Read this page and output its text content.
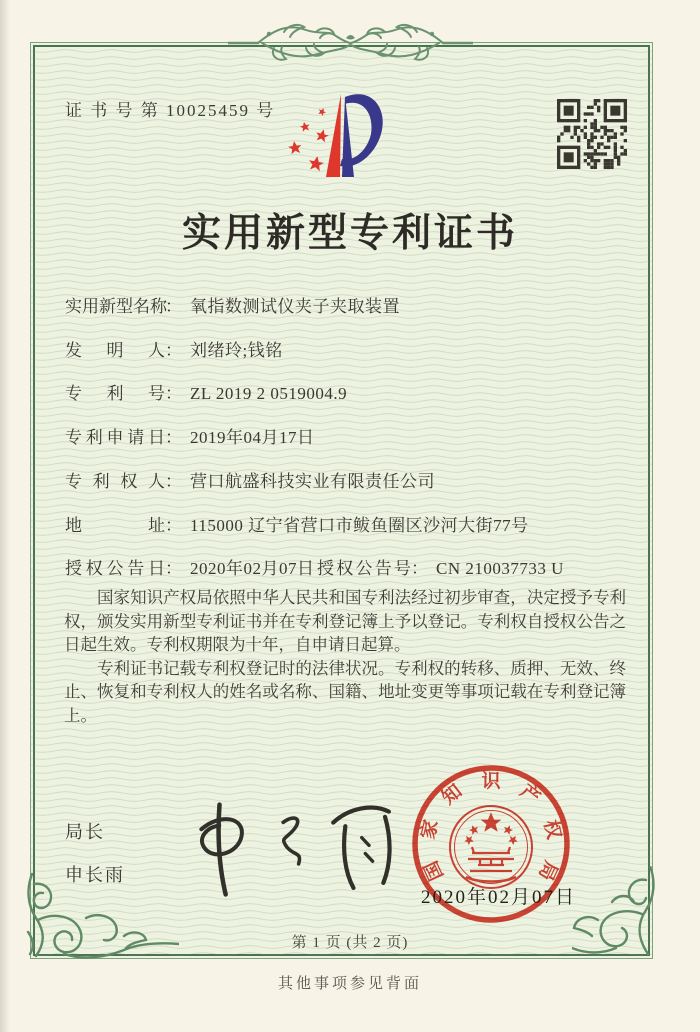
证 书 号 第 10025459 号
实用新型专利证书
实用新型名称： 氧指数测试仪夹子夹取装置
发明人： 刘绪玲;钱铭
专利号： ZL 2019 2 0519004.9
专利申请日： 2019年04月17日
专利权人： 营口航盛科技实业有限责任公司
地址： 115000 辽宁省营口市鲅鱼圈区沙河大街77号
授权公告日： 2020年02月07日 授权公告号： CN 210037733 U

国家知识产权局依照中华人民共和国专利法经过初步审查，决定授予专利权，颁发实用新型专利证书并在专利登记簿上予以登记。专利权自授权公告之日起生效。专利权期限为十年，自申请日起算。

专利证书记载专利权登记时的法律状况。专利权的转移、质押、无效、终止、恢复和专利权人的姓名或名称、国籍、地址变更等事项记载在专利登记簿上。

局长
申长雨	国
家
知 识 产
权
局
2020年02月07日
第 1 页 (共 2 页)
其他事项参见背面
